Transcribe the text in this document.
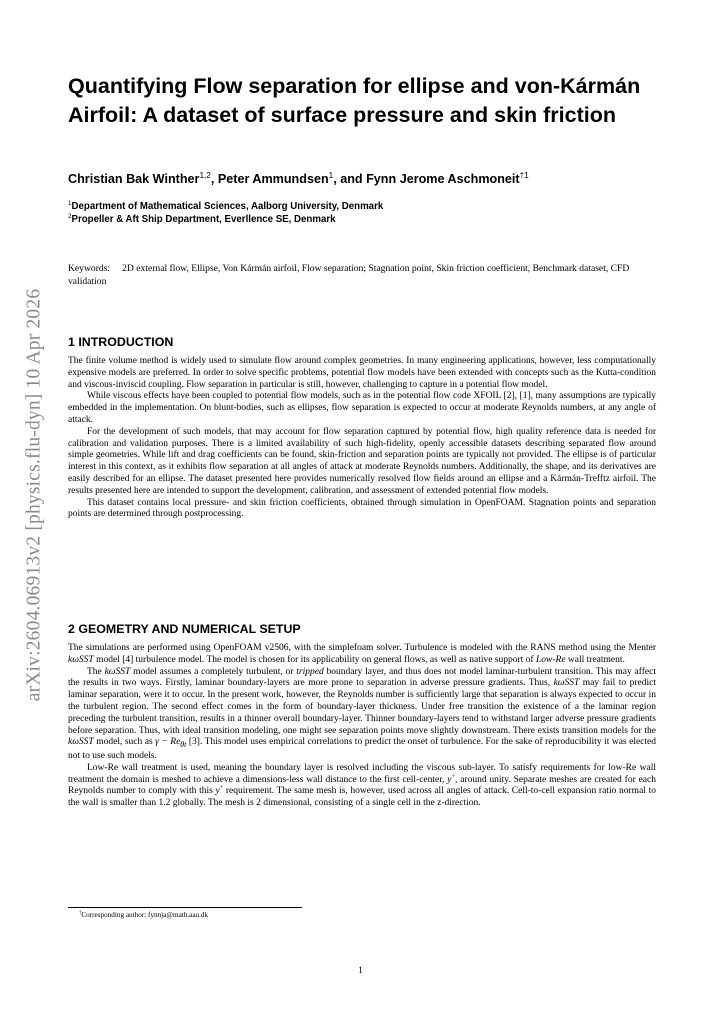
arXiv:2604.06913v2 [physics.flu-dyn] 10 Apr 2026
Quantifying Flow separation for ellipse and von-Kármán Airfoil: A dataset of surface pressure and skin friction
Christian Bak Winther$^{1,2}$, Peter Ammundsen$^1$, and Fynn Jerome Aschmoneit$^{\dagger 1}$
$^1$Department of Mathematical Sciences, Aalborg University, Denmark
$^2$Propeller & Aft Ship Department, Everllence SE, Denmark
Keywords: 2D external flow, Ellipse, Von Kármán airfoil, Flow separation; Stagnation point, Skin friction coefficient, Benchmark dataset, CFD validation
1 INTRODUCTION

The finite volume method is widely used to simulate flow around complex geometries. In many engineering applications, however, less computationally expensive models are preferred. In order to solve specific problems, potential flow models have been extended with concepts such as the Kutta-condition and viscous-inviscid coupling. Flow separation in particular is still, however, challenging to capture in a potential flow model.

While viscous effects have been coupled to potential flow models, such as in the potential flow code XFOIL [2], [1], many assumptions are typically embedded in the implementation. On blunt-bodies, such as ellipses, flow separation is expected to occur at moderate Reynolds numbers, at any angle of attack.

For the development of such models, that may account for flow separation captured by potential flow, high quality reference data is needed for calibration and validation purposes. There is a limited availability of such high-fidelity, openly accessible datasets describing separated flow around simple geometries. While lift and drag coefficients can be found, skin-friction and separation points are typically not provided. The ellipse is of particular interest in this context, as it exhibits flow separation at all angles of attack at moderate Reynolds numbers. Additionally, the shape, and its derivatives are easily described for an ellipse. The dataset presented here provides numerically resolved flow fields around an ellipse and a Kármán-Trefftz airfoil. The results presented here are intended to support the development, calibration, and assessment of extended potential flow models.

This dataset contains local pressure- and skin friction coefficients, obtained through simulation in OpenFOAM. Stagnation points and separation points are determined through postprocessing.

2 GEOMETRY AND NUMERICAL SETUP

The simulations are performed using OpenFOAM v2506, with the simplefoam solver. Turbulence is modeled with the RANS method using the Menter kωSST model [4] turbulence model. The model is chosen for its applicability on general flows, as well as native support of Low-Re wall treatment.

The kωSST model assumes a completely turbulent, or tripped boundary layer, and thus does not model laminar-turbulent transition. This may affect the results in two ways. Firstly, laminar boundary-layers are more prone to separation in adverse pressure gradients. Thus, kωSST may fail to predict laminar separation, were it to occur. In the present work, however, the Reynolds number is sufficiently large that separation is always expected to occur in the turbulent region. The second effect comes in the form of boundary-layer thickness. Under free transition the existence of a the laminar region preceding the turbulent transition, results in a thinner overall boundary-layer. Thinner boundary-layers tend to withstand larger adverse pressure gradients before separation. Thus, with ideal transition modeling, one might see separation points move slightly downstream. There exists transition models for the kωSST model, such as $\gamma - Re_{\theta t}$ [3]. This model uses empirical correlations to predict the onset of turbulence. For the sake of reproducibility it was elected not to use such models.

Low-Re wall treatment is used, meaning the boundary layer is resolved including the viscous sub-layer. To satisfy requirements for low-Re wall treatment the domain is meshed to achieve a dimensions-less wall distance to the first cell-center, y+, around unity. Separate meshes are created for each Reynolds number to comply with this y+ requirement. The same mesh is, however, used across all angles of attack. Cell-to-cell expansion ratio normal to the wall is smaller than 1.2 globally. The mesh is 2 dimensional, consisting of a single cell in the z-direction.

†Corresponding author: fynnja@math.aau.dk
1
